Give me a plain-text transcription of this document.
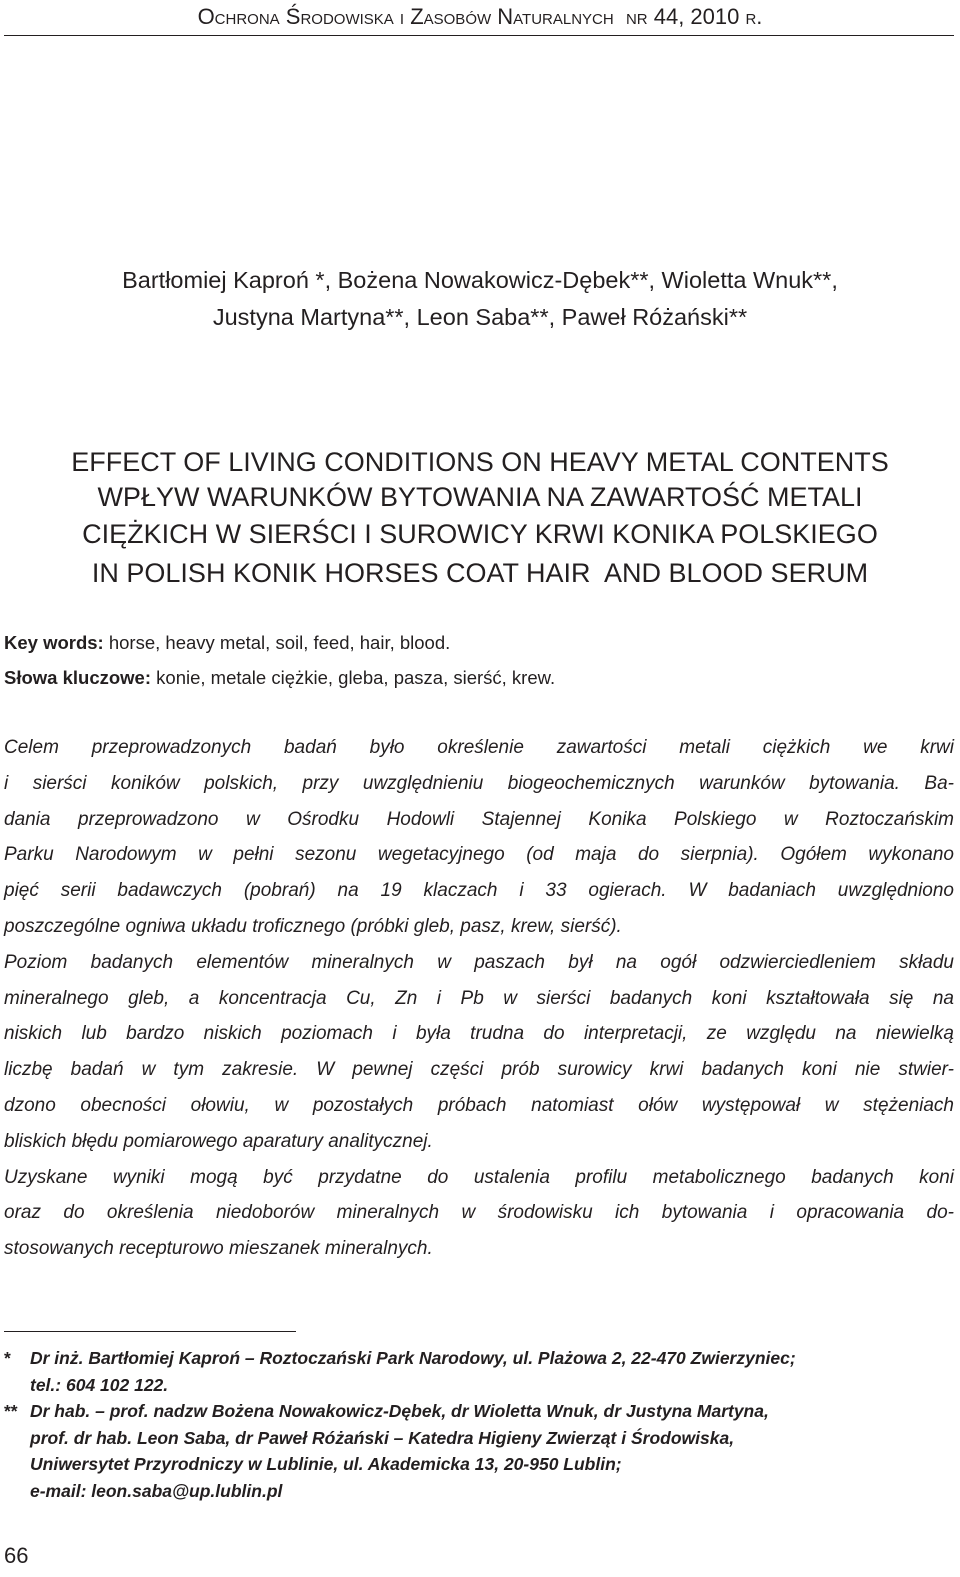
Ochrona Środowiska i Zasobów Naturalnych nr 44, 2010 r.
Bartłomiej Kaproń *, Bożena Nowakowicz-Dębek**, Wioletta Wnuk**,
Justyna Martyna**, Leon Saba**, Paweł Różański**

EFFECT OF LIVING CONDITIONS ON HEAVY METAL CONTENTS

IN POLISH KONIK HORSES COAT HAIR  AND BLOOD SERUM

WPŁYW WARUNKÓW BYTOWANIA NA ZAWARTOŚĆ METALI
CIĘŻKICH W SIERŚCI I SUROWICY KRWI KONIKA POLSKIEGO
Key words: horse, heavy metal, soil, feed, hair, blood.
Słowa kluczowe: konie, metale ciężkie, gleba, pasza, sierść, krew.

Celem przeprowadzonych badań było określenie zawartości metali ciężkich we krwi
i sierści koników polskich, przy uwzględnieniu biogeochemicznych warunków bytowania. Ba-
dania przeprowadzono w Ośrodku Hodowli Stajennej Konika Polskiego w Roztoczańskim
Parku Narodowym w pełni sezonu wegetacyjnego (od maja do sierpnia). Ogółem wykonano
pięć serii badawczych (pobrań) na 19 klaczach i 33 ogierach. W badaniach uwzględniono
poszczególne ogniwa układu troficznego (próbki gleb, pasz, krew, sierść).

Poziom badanych elementów mineralnych w paszach był na ogół odzwierciedleniem składu
mineralnego gleb, a koncentracja Cu, Zn i Pb w sierści badanych koni kształtowała się na
niskich lub bardzo niskich poziomach i była trudna do interpretacji, ze względu na niewielką
liczbę badań w tym zakresie. W pewnej części prób surowicy krwi badanych koni nie stwier-
dzono obecności ołowiu, w pozostałych próbach natomiast ołów występował w stężeniach
bliskich błędu pomiarowego aparatury analitycznej.

Uzyskane wyniki mogą być przydatne do ustalenia profilu metabolicznego badanych koni
oraz do określenia niedoborów mineralnych w środowisku ich bytowania i opracowania do-
stosowanych recepturowo mieszanek mineralnych.

* Dr inż. Bartłomiej Kaproń – Roztoczański Park Narodowy, ul. Plażowa 2, 22-470 Zwierzyniec;
tel.: 604 102 122.
** Dr hab. – prof. nadzw Bożena Nowakowicz-Dębek, dr Wioletta Wnuk, dr Justyna Martyna,
prof. dr hab. Leon Saba, dr Paweł Różański – Katedra Higieny Zwierząt i Środowiska,
Uniwersytet Przyrodniczy w Lublinie, ul. Akademicka 13, 20-950 Lublin;
e-mail: leon.saba@up.lublin.pl
66
